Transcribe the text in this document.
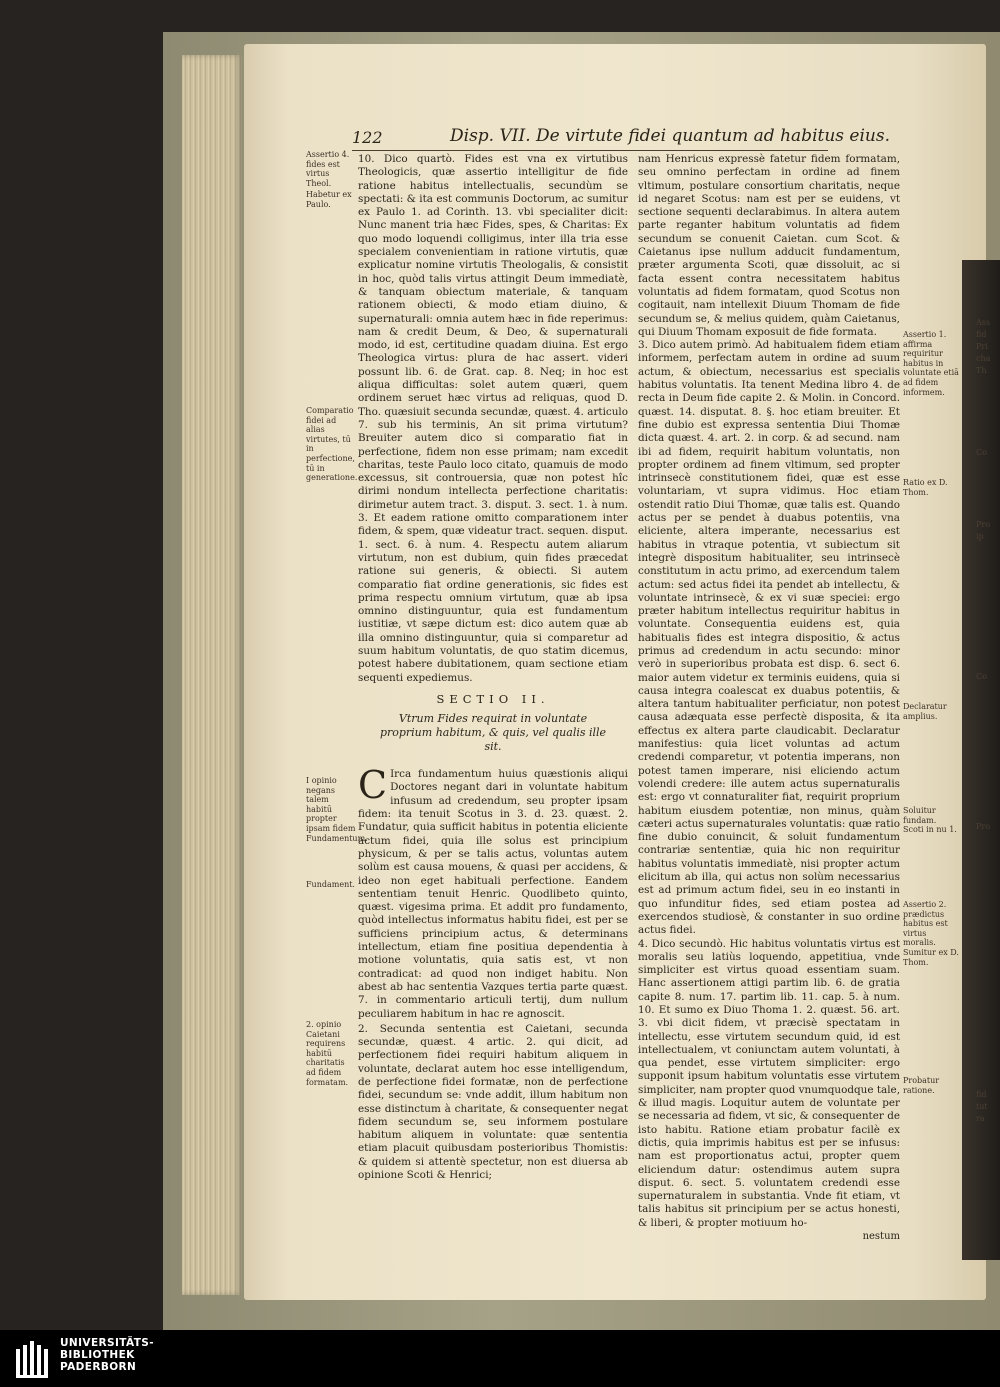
Ass
fid
Pri
cha
Th
Co
Pro
ip
Co
Pro
fid
tut
ra
122	Disp. VII. De virtute fidei quantum ad habitus eius.
Assertio 4. fides est virtus Theol.
Habetur ex Paulo.
Comparatio fidei ad alias virtutes, tū in perfectione, tū in generatione.
I opinio negans talem habitū propter ipsam fidem Fundamentum.
Fundament.
2. opinio Caietani requirens habitū charitatis ad fidem formatam.
Assertio 1. affirma requiritur habitus in voluntate etiā ad fidem informem.
Ratio ex D. Thom.
Declaratur amplius.
Soluitur fundam. Scoti in nu 1.
Assertio 2. prædictus habitus est virtus moralis. Sumitur ex D. Thom.
Probatur ratione.

10. Dico quartò. Fides est vna ex virtutibus Theologicis, quæ assertio intelligitur de fide ratione habitus intellectualis, secundùm se spectati: & ita est communis Doctorum, ac sumitur ex Paulo 1. ad Corinth. 13. vbi specialiter dicit: Nunc manent tria hæc Fides, spes, & Charitas: Ex quo modo loquendi colligimus, inter illa tria esse specialem convenientiam in ratione virtutis, quæ explicatur nomine virtutis Theologalis, & consistit in hoc, quòd talis virtus attingit Deum immediatè, & tanquam obiectum materiale, & tanquam rationem obiecti, & modo etiam diuino, & supernaturali: omnia autem hæc in fide reperimus: nam & credit Deum, & Deo, & supernaturali modo, id est, certitudine quadam diuina. Est ergo Theologica virtus: plura de hac assert. videri possunt lib. 6. de Grat. cap. 8. Neq; in hoc est aliqua difficultas: solet autem quæri, quem ordinem seruet hæc virtus ad reliquas, quod D. Tho. quæsiuit secunda secundæ, quæst. 4. articulo 7. sub his terminis, An sit prima virtutum? Breuiter autem dico si comparatio fiat in perfectione, fidem non esse primam; nam excedit charitas, teste Paulo loco citato, quamuis de modo excessus, sit controuersia, quæ non potest hîc dirimi nondum intellecta perfectione charitatis: dirimetur autem tract. 3. disput. 3. sect. 1. à num. 3. Et eadem ratione omitto comparationem inter fidem, & spem, quæ videatur tract. sequen. disput. 1. sect. 6. à num. 4. Respectu autem aliarum virtutum, non est dubium, quin fides præcedat ratione sui generis, & obiecti. Si autem comparatio fiat ordine generationis, sic fides est prima respectu omnium virtutum, quæ ab ipsa omnino distinguuntur, quia est fundamentum iustitiæ, vt sæpe dictum est: dico autem quæ ab illa omnino distinguuntur, quia si comparetur ad suum habitum voluntatis, de quo statim dicemus, potest habere dubitationem, quam sectione etiam sequenti expediemus.

SECTIO II.
Vtrum Fides requirat in voluntate proprium habitum, & quis, vel qualis ille sit.

C Irca fundamentum huius quæstionis aliqui Doctores negant dari in voluntate habitum infusum ad credendum, seu propter ipsam fidem: ita tenuit Scotus in 3. d. 23. quæst. 2. Fundatur, quia sufficit habitus in potentia eliciente actum fidei, quia ille solus est principium physicum, & per se talis actus, voluntas autem solùm est causa mouens, & quasi per accidens, & ideo non eget habituali perfectione. Eandem sententiam tenuit Henric. Quodlibeto quinto, quæst. vigesima prima. Et addit pro fundamento, quòd intellectus informatus habitu fidei, est per se sufficiens principium actus, & determinans intellectum, etiam fine positiua dependentia à motione voluntatis, quia satis est, vt non contradicat: ad quod non indiget habitu. Non abest ab hac sententia Vazques tertia parte quæst. 7. in commentario articuli tertij, dum nullum peculiarem habitum in hac re agnoscit.

2. Secunda sententia est Caietani, secunda secundæ, quæst. 4 artic. 2. qui dicit, ad perfectionem fidei requiri habitum aliquem in voluntate, declarat autem hoc esse intelligendum, de perfectione fidei formatæ, non de perfectione fidei, secundum se: vnde addit, illum habitum non esse distinctum à charitate, & consequenter negat fidem secundum se, seu informem postulare habitum aliquem in voluntate: quæ sententia etiam placuit quibusdam posterioribus Thomistis: & quidem si attentè spectetur, non est diuersa ab opinione Scoti & Henrici;

nam Henricus expressè fatetur fidem formatam, seu omnino perfectam in ordine ad finem vltimum, postulare consortium charitatis, neque id negaret Scotus: nam est per se euidens, vt sectione sequenti declarabimus. In altera autem parte reganter habitum voluntatis ad fidem secundum se conuenit Caietan. cum Scot. & Caietanus ipse nullum adducit fundamentum, præter argumenta Scoti, quæ dissoluit, ac si facta essent contra necessitatem habitus voluntatis ad fidem formatam, quod Scotus non cogitauit, nam intellexit Diuum Thomam de fide secundum se, & melius quidem, quàm Caietanus, qui Diuum Thomam exposuit de fide formata.

3. Dico autem primò. Ad habitualem fidem etiam informem, perfectam autem in ordine ad suum actum, & obiectum, necessarius est specialis habitus voluntatis. Ita tenent Medina libro 4. de recta in Deum fide capite 2. & Molin. in Concord. quæst. 14. disputat. 8. §. hoc etiam breuiter. Et fine dubio est expressa sententia Diui Thomæ dicta quæst. 4. art. 2. in corp. & ad secund. nam ibi ad fidem, requirit habitum voluntatis, non propter ordinem ad finem vltimum, sed propter intrinsecè constitutionem fidei, quæ est esse voluntariam, vt supra vidimus. Hoc etiam ostendit ratio Diui Thomæ, quæ talis est. Quando actus per se pendet à duabus potentiis, vna eliciente, altera imperante, necessarius est habitus in vtraque potentia, vt subiectum sit integrè dispositum habitualiter, seu intrinsecè constitutum in actu primo, ad exercendum talem actum: sed actus fidei ita pendet ab intellectu, & voluntate intrinsecè, & ex vi suæ speciei: ergo præter habitum intellectus requiritur habitus in voluntate. Consequentia euidens est, quia habitualis fides est integra dispositio, & actus primus ad credendum in actu secundo: minor verò in superioribus probata est disp. 6. sect 6. maior autem videtur ex terminis euidens, quia si causa integra coalescat ex duabus potentiis, & altera tantum habitualiter perficiatur, non potest causa adæquata esse perfectè disposita, & ita effectus ex altera parte claudicabit. Declaratur manifestius: quia licet voluntas ad actum credendi comparetur, vt potentia imperans, non potest tamen imperare, nisi eliciendo actum volendi credere: ille autem actus supernaturalis est: ergo vt connaturaliter fiat, requirit proprium habitum eiusdem potentiæ, non minus, quàm cæteri actus supernaturales voluntatis: quæ ratio fine dubio conuincit, & soluit fundamentum contrariæ sententiæ, quia hic non requiritur habitus voluntatis immediatè, nisi propter actum elicitum ab illa, qui actus non solùm necessarius est ad primum actum fidei, seu in eo instanti in quo infunditur fides, sed etiam postea ad exercendos studiosè, & constanter in suo ordine actus fidei.

4. Dico secundò. Hic habitus voluntatis virtus est moralis seu latiùs loquendo, appetitiua, vnde simpliciter est virtus quoad essentiam suam. Hanc assertionem attigi partim lib. 6. de gratia capite 8. num. 17. partim lib. 11. cap. 5. à num. 10. Et sumo ex Diuo Thoma 1. 2. quæst. 56. art. 3. vbi dicit fidem, vt præcisè spectatam in intellectu, esse virtutem secundum quid, id est intellectualem, vt coniunctam autem voluntati, à qua pendet, esse virtutem simpliciter: ergo supponit ipsum habitum voluntatis esse virtutem simpliciter, nam propter quod vnumquodque tale, & illud magis. Loquitur autem de voluntate per se necessaria ad fidem, vt sic, & consequenter de isto habitu. Ratione etiam probatur facilè ex dictis, quia imprimis habitus est per se infusus: nam est proportionatus actui, propter quem eliciendum datur: ostendimus autem supra disput. 6. sect. 5. voluntatem credendi esse supernaturalem in substantia. Vnde fit etiam, vt talis habitus sit principium per se actus honesti, & liberi, & propter motiuum ho-

nestum
UNIVERSITÄTS-
BIBLIOTHEK
PADERBORN
